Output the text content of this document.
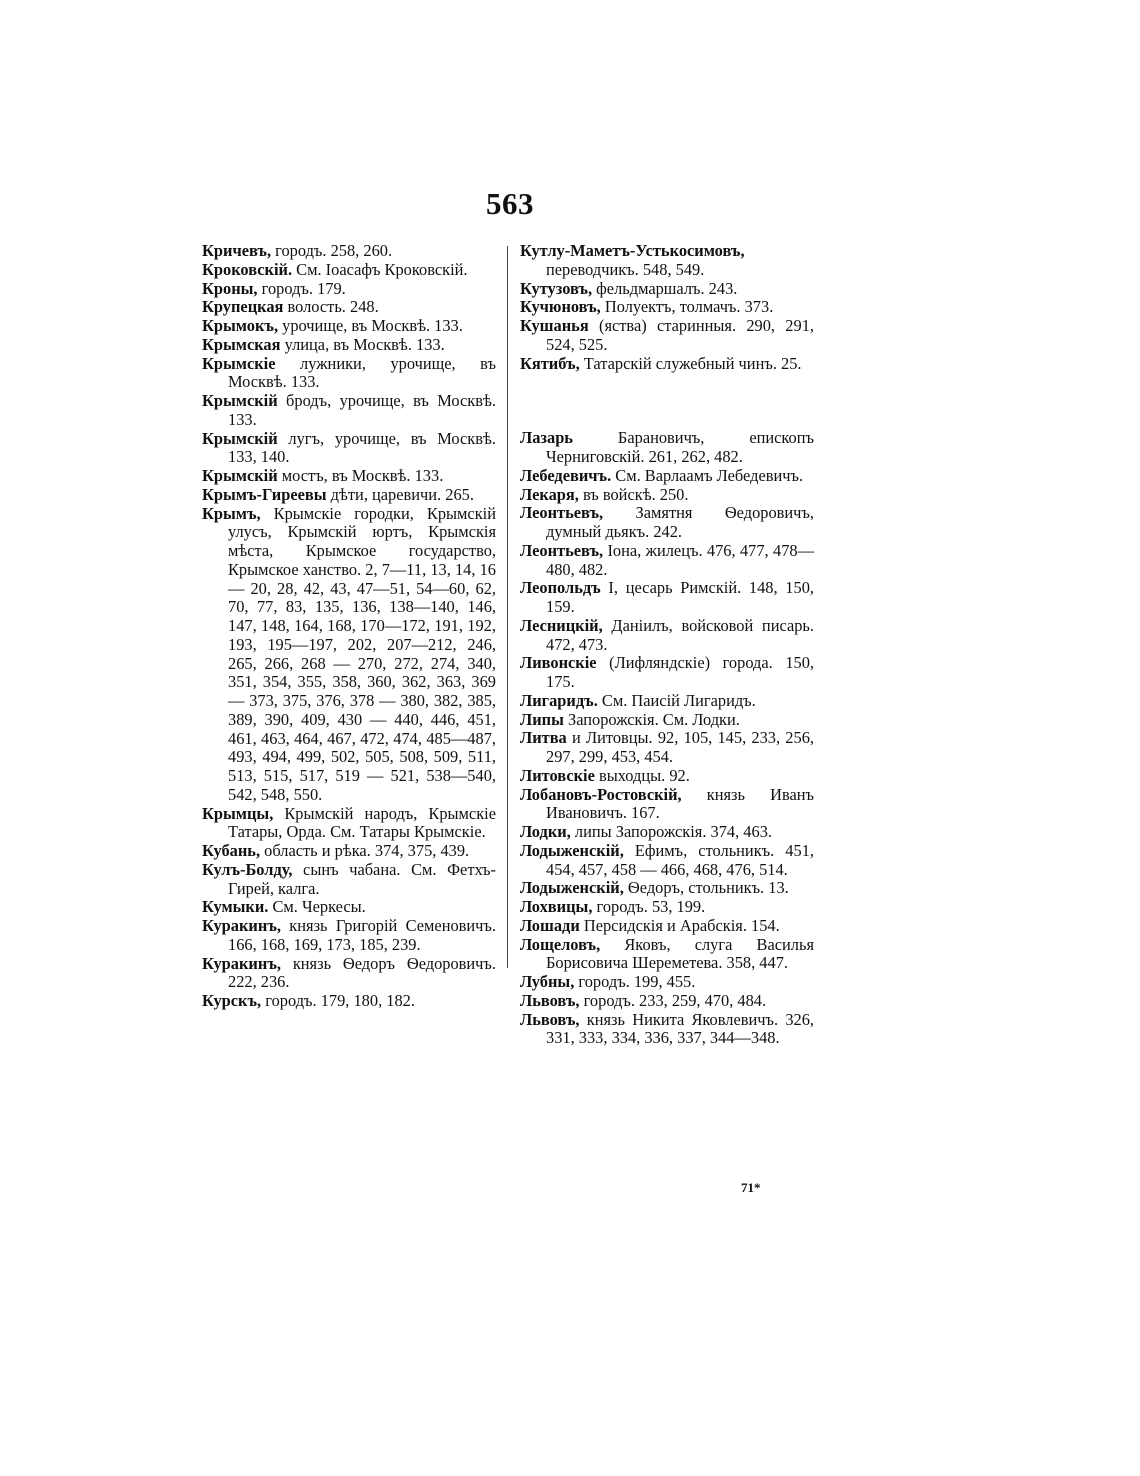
563

Кричевъ, городъ. 258, 260.

Кроковскій. См. Іоасафъ Кроковскій.

Кроны, городъ. 179.

Крупецкая волость. 248.

Крымокъ, урочище, въ Москвѣ. 133.

Крымская улица, въ Москвѣ. 133.

Крымскіе лужники, урочище, въ Москвѣ. 133.

Крымскій бродъ, урочище, въ Москвѣ. 133.

Крымскій лугъ, урочище, въ Москвѣ. 133, 140.

Крымскій мостъ, въ Москвѣ. 133.

Крымъ-Гиреевы дѣти, царевичи. 265.

Крымъ, Крымскіе городки, Крымскій улусъ, Крымскій юртъ, Крымскія мѣста, Крымское государство, Крымское ханство. 2, 7—11, 13, 14, 16 — 20, 28, 42, 43, 47—51, 54—60, 62, 70, 77, 83, 135, 136, 138—140, 146, 147, 148, 164, 168, 170—172, 191, 192, 193, 195—197, 202, 207—212, 246, 265, 266, 268 — 270, 272, 274, 340, 351, 354, 355, 358, 360, 362, 363, 369 — 373, 375, 376, 378 — 380, 382, 385, 389, 390, 409, 430 — 440, 446, 451, 461, 463, 464, 467, 472, 474, 485—487, 493, 494, 499, 502, 505, 508, 509, 511, 513, 515, 517, 519 — 521, 538—540, 542, 548, 550.

Крымцы, Крымскій народъ, Крымскіе Татары, Орда. См. Татары Крымскіе.

Кубань, область и рѣка. 374, 375, 439.

Кулъ-Болду, сынъ чабана. См. Фетхъ-Гирей, калга.

Кумыки. См. Черкесы.

Куракинъ, князь Григорій Семеновичъ. 166, 168, 169, 173, 185, 239.

Куракинъ, князь Ѳедоръ Ѳедоровичъ. 222, 236.

Курскъ, городъ. 179, 180, 182.

Кутлу-Маметъ-Устькосимовъ, переводчикъ. 548, 549.

Кутузовъ, фельдмаршалъ. 243.

Кучюновъ, Полуектъ, толмачъ. 373.

Кушанья (яства) старинныя. 290, 291, 524, 525.

Кятибъ, Татарскій служебный чинъ. 25.

Лазарь Барановичъ, епископъ Черниговскій. 261, 262, 482.

Лебедевичъ. См. Варлаамъ Лебедевичъ.

Лекаря, въ войскѣ. 250.

Леонтьевъ, Замятня Ѳедоровичъ, думный дьякъ. 242.

Леонтьевъ, Іона, жилецъ. 476, 477, 478—480, 482.

Леопольдъ I, цесарь Римскій. 148, 150, 159.

Лесницкій, Даніилъ, войсковой писарь. 472, 473.

Ливонскіе (Лифляндскіе) города. 150, 175.

Лигаридъ. См. Паисій Лигаридъ.

Липы Запорожскія. См. Лодки.

Литва и Литовцы. 92, 105, 145, 233, 256, 297, 299, 453, 454.

Литовскіе выходцы. 92.

Лобановъ-Ростовскій, князь Иванъ Ивановичъ. 167.

Лодки, липы Запорожскія. 374, 463.

Лодыженскій, Ефимъ, стольникъ. 451, 454, 457, 458 — 466, 468, 476, 514.

Лодыженскій, Ѳедоръ, стольникъ. 13.

Лохвицы, городъ. 53, 199.

Лошади Персидскія и Арабскія. 154.

Лощеловъ, Яковъ, слуга Василья Борисовича Шереметева. 358, 447.

Лубны, городъ. 199, 455.

Львовъ, городъ. 233, 259, 470, 484.

Львовъ, князь Никита Яковлевичъ. 326, 331, 333, 334, 336, 337, 344—348.

71*
